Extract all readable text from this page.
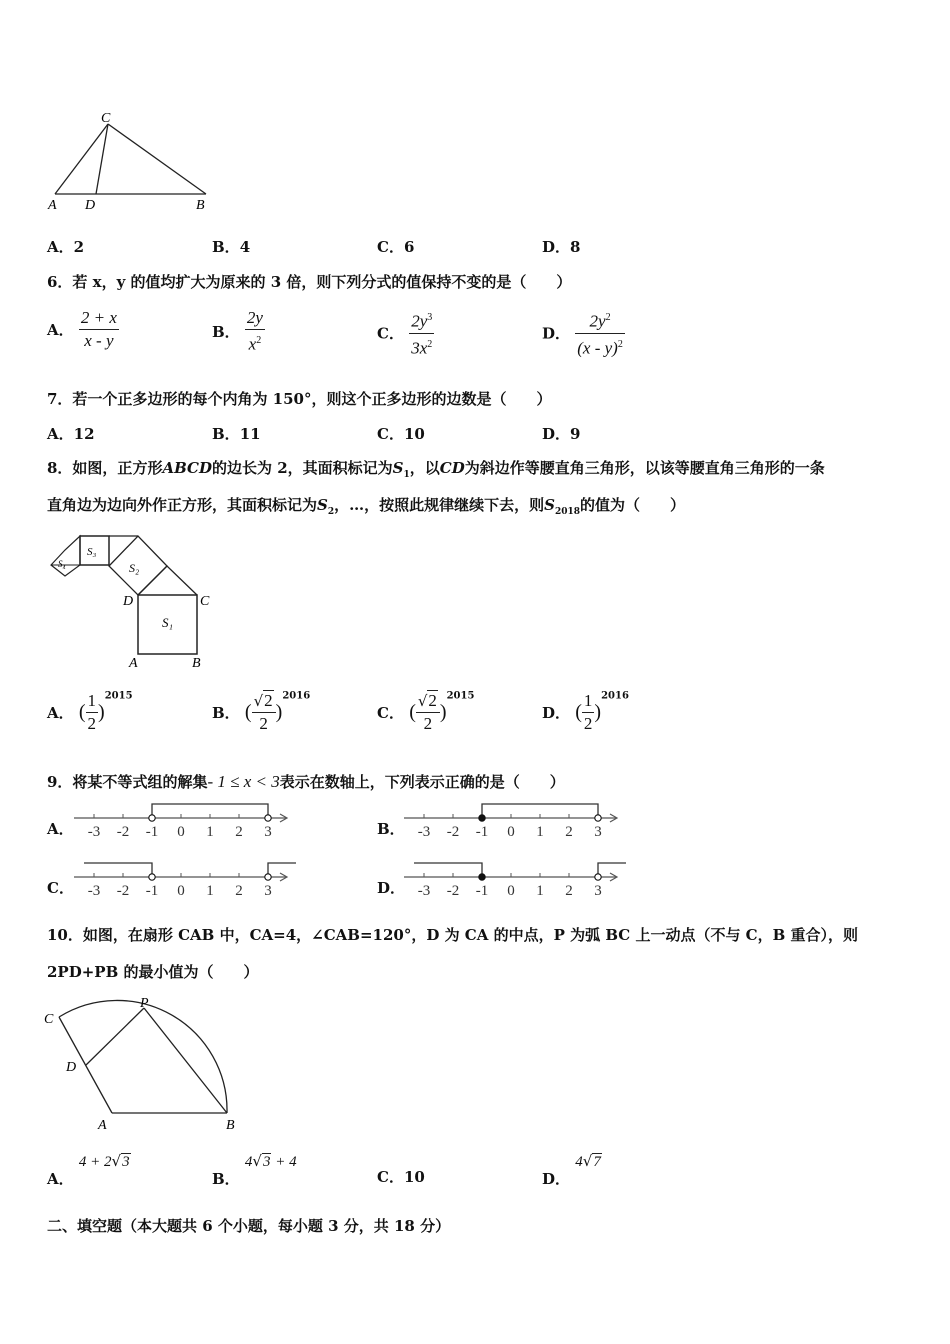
C
A D	B
A．2	B．4	C．6	D．8
6．若 x，y 的值均扩大为原来的 3 倍，则下列分式的值保持不变的是（　　）
A． $\frac{2 + x}{x - y}$	B． $\frac{2y}{x^2}$	C． $\frac{2y^3}{3x^2}$	D． $\frac{2y^2}{(x - y)^2}$
7．若一个正多边形的每个内角为 150°，则这个正多边形的边数是（　　）
A．12	B．11	C．10	D．9
8．如图，正方形ABCD的边长为 2，其面积标记为$S_1$，以CD为斜边作等腰直角三角形，以该等腰直角三角形的一条
直角边为边向外作正方形，其面积标记为$S_2$，…，按照此规律继续下去，则$S_{2018}$的值为（　　）
S₁
S₂
S₃
S₄
D	C
A	B
A． ( $\frac{1}{2} )^{2015}$
B． ( $\frac{√2}{2} )^{2016}$
C． ( $\frac{√2}{2} )^{2015}$
D． ( $\frac{1}{2} )^{2016}$
9．将某不等式组的解集- 1 ≤ x < 3表示在数轴上，下列表示正确的是（　　）
A． -3 -2 -1 0 1 2 3	B． -3 -2 -1 0 1 2 3
C． -3 -2 -1 0 1 2 3	D． -3 -2 -1 0 1 2 3
10．如图，在扇形 CAB 中，CA=4，∠CAB=120°，D 为 CA 的中点，P 为弧 BC 上一动点（不与 C，B 重合），则
2PD+PB 的最小值为（　　）
C
P
D
A	B
A． 4 + 2√3
B． 4√3 + 4
C．10	D． 4√7
二、填空题（本大题共 6 个小题，每小题 3 分，共 18 分）
